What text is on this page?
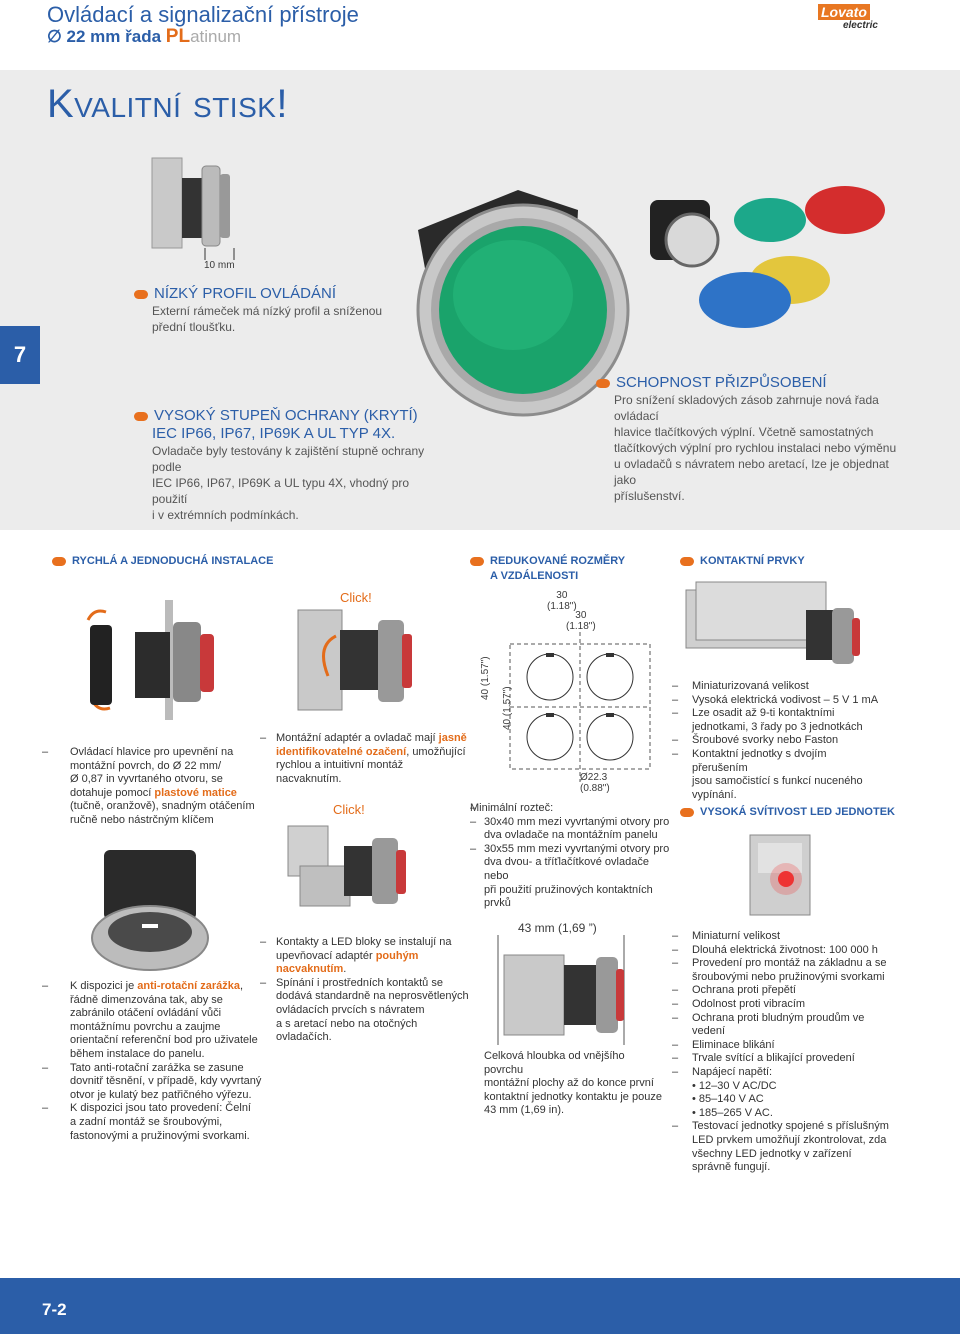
Ovládací a signalizační přístroje
∅ 22 mm řada PLatinum
Lovato
electric
Kvalitní stisk!
7
10 mm
NÍZKÝ PROFIL OVLÁDÁNÍ
Externí rámeček má nízký profil a sníženou
přední tloušťku.
VYSOKÝ STUPEŇ OCHRANY (KRYTÍ)
IEC IP66, IP67, IP69K A UL TYP 4X.
Ovladače byly testovány k zajištění stupně ochrany podle
IEC IP66, IP67, IP69K a UL typu 4X, vhodný pro použití
i v extrémních podmínkách.
SCHOPNOST PŘIZPŮSOBENÍ
Pro snížení skladových zásob zahrnuje nová řada ovládací
hlavice tlačítkových výplní. Včetně samostatných
tlačítkových výplní pro rychlou instalaci nebo výměnu
u ovladačů s návratem nebo aretací, lze je objednat jako
příslušenství.
RYCHLÁ A JEDNODUCHÁ INSTALACE
Click!
– Ovládací hlavice pro upevnění na
montážní povrch, do Ø 22 mm/
Ø 0,87 in vyvrtaného otvoru, se
dotahuje pomocí plastové matice
(tučně, oranžově), snadným otáčením
ručně nebo nástrčným klíčem
– Montážní adaptér a ovladač mají jasně
identifikovatelné ozačení, umožňující
rychlou a intuitivní montáž
nacvaknutím.
Click!
– K dispozici je anti-rotační zarážka,
řádně dimenzována tak, aby se
zabránilo otáčení ovládání vůči
montážnímu povrchu a zaujme
orientační referenční bod pro uživatele
během instalace do panelu.
– Tato anti-rotační zarážka se zasune
dovnitř těsnění, v případě, kdy vyvrtaný
otvor je kulatý bez patřičného výřezu.
– K dispozici jsou tato provedení: Čelní
a zadní montáž se šroubovými,
fastonovými a pružinovými svorkami.
– Kontakty a LED bloky se instalují na
upevňovací adaptér pouhým
nacvaknutím.
– Spínání i prostředních kontaktů se
dodává standardně na neprosvětlených
ovládacích prvcích s návratem
a s aretací nebo na otočných
ovladačích.
REDUKOVANÉ ROZMĚRY
A VZDÁLENOSTI
30
(1.18")
30
(1.18")
40 (1.57")
40 (1.57")
Ø22.3
(0.88")
– Minimální rozteč:
– 30x40 mm mezi vyvrtanými otvory pro
dva ovladače na montážním panelu
– 30x55 mm mezi vyvrtanými otvory pro
dva dvou- a tříťlačítkové ovladače nebo
při použití pružinových kontaktních
prvků
43 mm (1,69 ”)
Celková hloubka od vnějšího povrchu
montážní plochy až do konce první
kontaktní jednotky kontaktu je pouze
43 mm (1,69 in).
KONTAKTNÍ PRVKY
– Miniaturizovaná velikost
– Vysoká elektrická vodivost – 5 V 1 mA
– Lze osadit až 9-ti kontaktními
jednotkami, 3 řady po 3 jednotkách
– Šroubové svorky nebo Faston
– Kontaktní jednotky s dvojím přerušením
jsou samočistící s funkcí nuceného
vypínání.
VYSOKÁ SVÍTIVOST LED JEDNOTEK
– Miniaturní velikost
– Dlouhá elektrická životnost: 100 000 h
– Provedení pro montáž na základnu a se
šroubovými nebo pružinovými svorkami
– Ochrana proti přepětí
– Odolnost proti vibracím
– Ochrana proti bludným proudům ve
vedení
– Eliminace blikání
– Trvale svítící a blikající provedení
– Napájecí napětí:
• 12–30 V AC/DC
• 85–140 V AC
• 185–265 V AC.
– Testovací jednotky spojené s příslušným
LED prvkem umožňují zkontrolovat, zda
všechny LED jednotky v zařízení
správně fungují.
7-2
